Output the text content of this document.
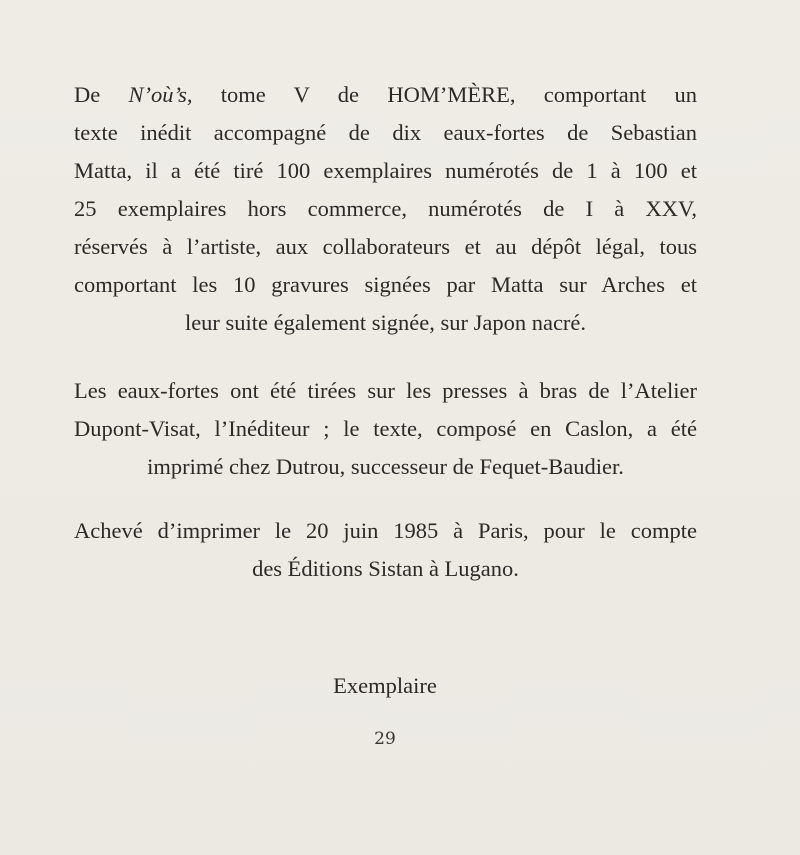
De N’où’s, tome V de HOM’MÈRE, comportant un
texte inédit accompagné de dix eaux-fortes de Sebastian
Matta, il a été tiré 100 exemplaires numérotés de 1 à 100 et
25 exemplaires hors commerce, numérotés de I à XXV,
réservés à l’artiste, aux collaborateurs et au dépôt légal, tous
comportant les 10 gravures signées par Matta sur Arches et
leur suite également signée, sur Japon nacré.
Les eaux-fortes ont été tirées sur les presses à bras de l’Atelier
Dupont-Visat, l’Inéditeur ; le texte, composé en Caslon, a été
imprimé chez Dutrou, successeur de Fequet-Baudier.
Achevé d’imprimer le 20 juin 1985 à Paris, pour le compte
des Éditions Sistan à Lugano.
Exemplaire
29
